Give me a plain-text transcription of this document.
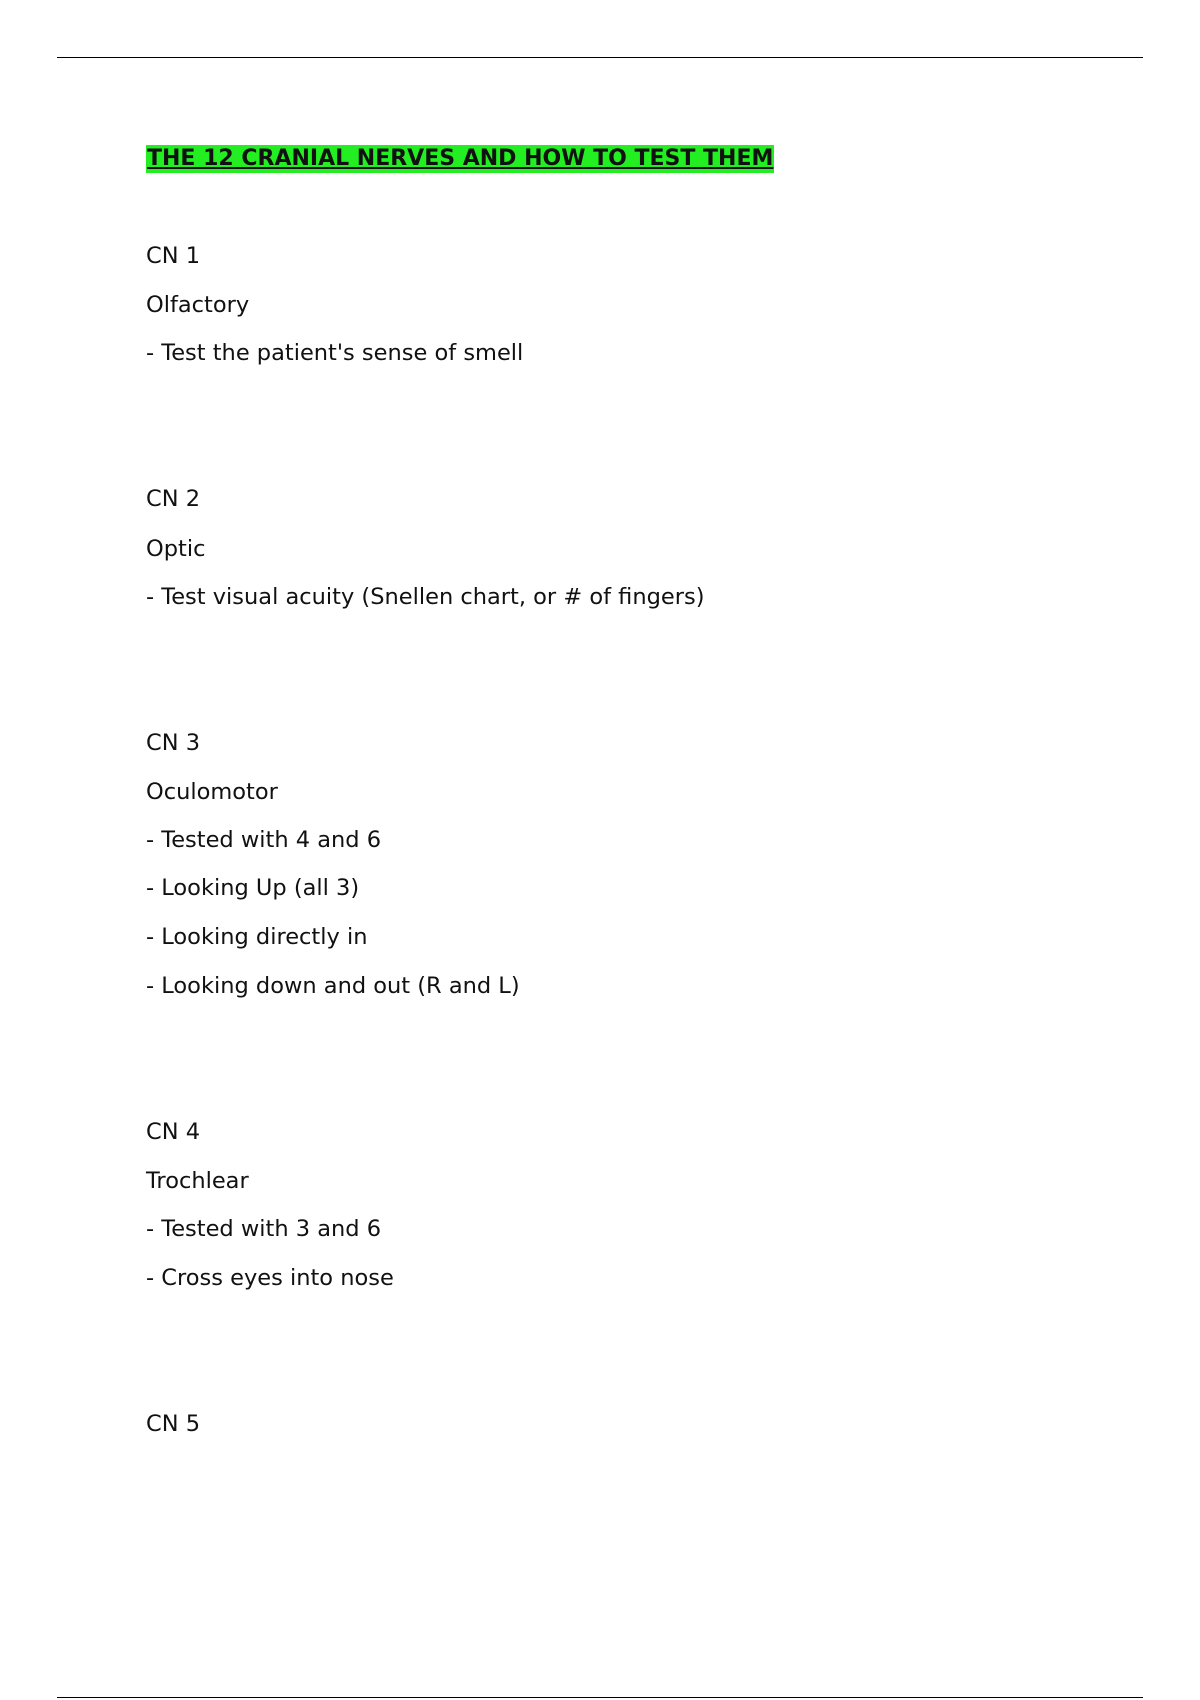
THE 12 CRANIAL NERVES AND HOW TO TEST THEM
CN 1
Olfactory
- Test the patient's sense of smell
CN 2
Optic
- Test visual acuity (Snellen chart, or # of fingers)
CN 3
Oculomotor
- Tested with 4 and 6
- Looking Up (all 3)
- Looking directly in
- Looking down and out (R and L)
CN 4
Trochlear
- Tested with 3 and 6
- Cross eyes into nose
CN 5
